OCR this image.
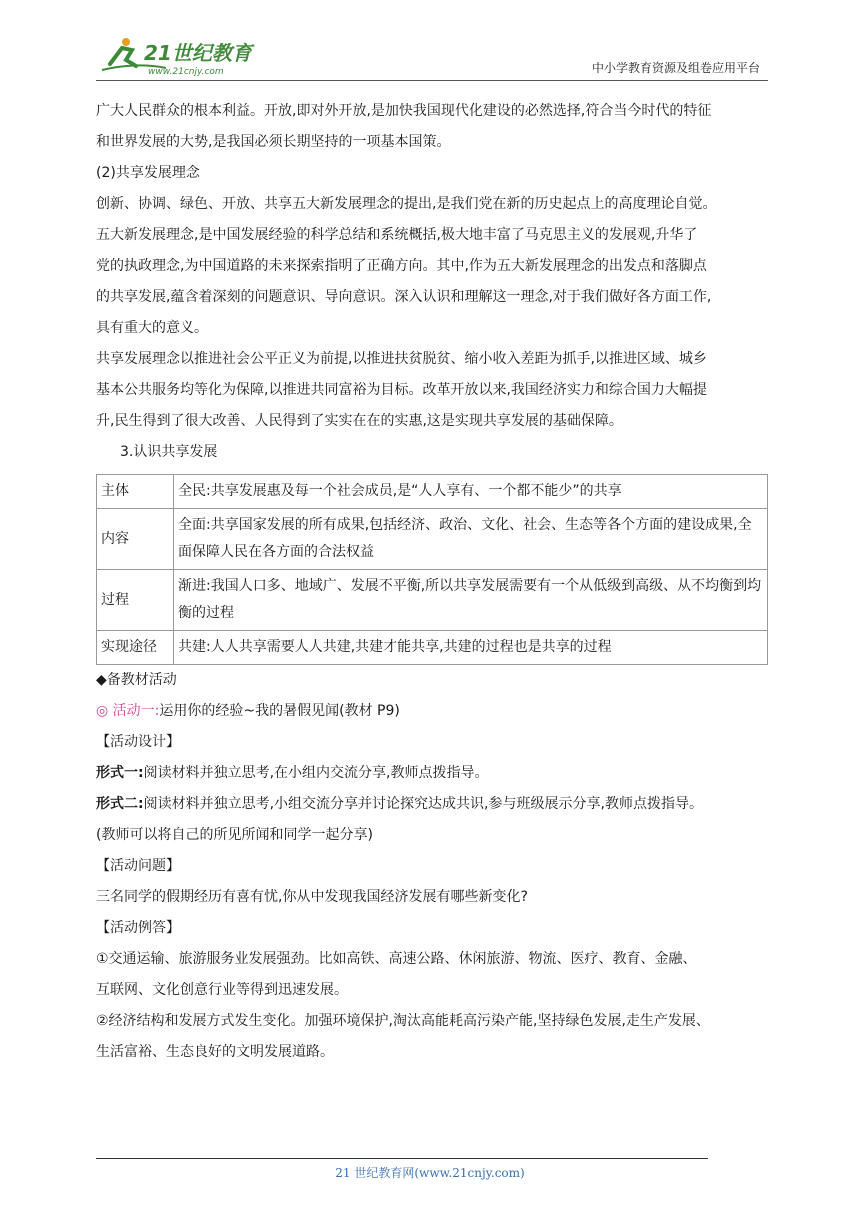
21世纪教育
www.21cnjy.com	中小学教育资源及组卷应用平台

广大人民群众的根本利益。开放,即对外开放,是加快我国现代化建设的必然选择,符合当今时代的特征

和世界发展的大势,是我国必须长期坚持的一项基本国策。

(2)共享发展理念

创新、协调、绿色、开放、共享五大新发展理念的提出,是我们党在新的历史起点上的高度理论自觉。

五大新发展理念,是中国发展经验的科学总结和系统概括,极大地丰富了马克思主义的发展观,升华了

党的执政理念,为中国道路的未来探索指明了正确方向。其中,作为五大新发展理念的出发点和落脚点

的共享发展,蕴含着深刻的问题意识、导向意识。深入认识和理解这一理念,对于我们做好各方面工作,

具有重大的意义。

共享发展理念以推进社会公平正义为前提,以推进扶贫脱贫、缩小收入差距为抓手,以推进区域、城乡

基本公共服务均等化为保障,以推进共同富裕为目标。改革开放以来,我国经济实力和综合国力大幅提

升,民生得到了很大改善、人民得到了实实在在的实惠,这是实现共享发展的基础保障。

3.认识共享发展

主体	全民:共享发展惠及每一个社会成员,是“人人享有、一个都不能少”的共享
内容	全面:共享国家发展的所有成果,包括经济、政治、文化、社会、生态等各个方面的建设成果,全面保障人民在各方面的合法权益
过程	渐进:我国人口多、地域广、发展不平衡,所以共享发展需要有一个从低级到高级、从不均衡到均衡的过程
实现途径	共建:人人共享需要人人共建,共建才能共享,共建的过程也是共享的过程

◆备教材活动

◎ 活动一:运用你的经验~我的暑假见闻(教材 P9)

【活动设计】

形式一:阅读材料并独立思考,在小组内交流分享,教师点拨指导。

形式二:阅读材料并独立思考,小组交流分享并讨论探究达成共识,参与班级展示分享,教师点拨指导。

(教师可以将自己的所见所闻和同学一起分享)

【活动问题】

三名同学的假期经历有喜有忧,你从中发现我国经济发展有哪些新变化?

【活动例答】

①交通运输、旅游服务业发展强劲。比如高铁、高速公路、休闲旅游、物流、医疗、教育、金融、

互联网、文化创意行业等得到迅速发展。

②经济结构和发展方式发生变化。加强环境保护,淘汰高能耗高污染产能,坚持绿色发展,走生产发展、

生活富裕、生态良好的文明发展道路。

21 世纪教育网(www.21cnjy.com)
